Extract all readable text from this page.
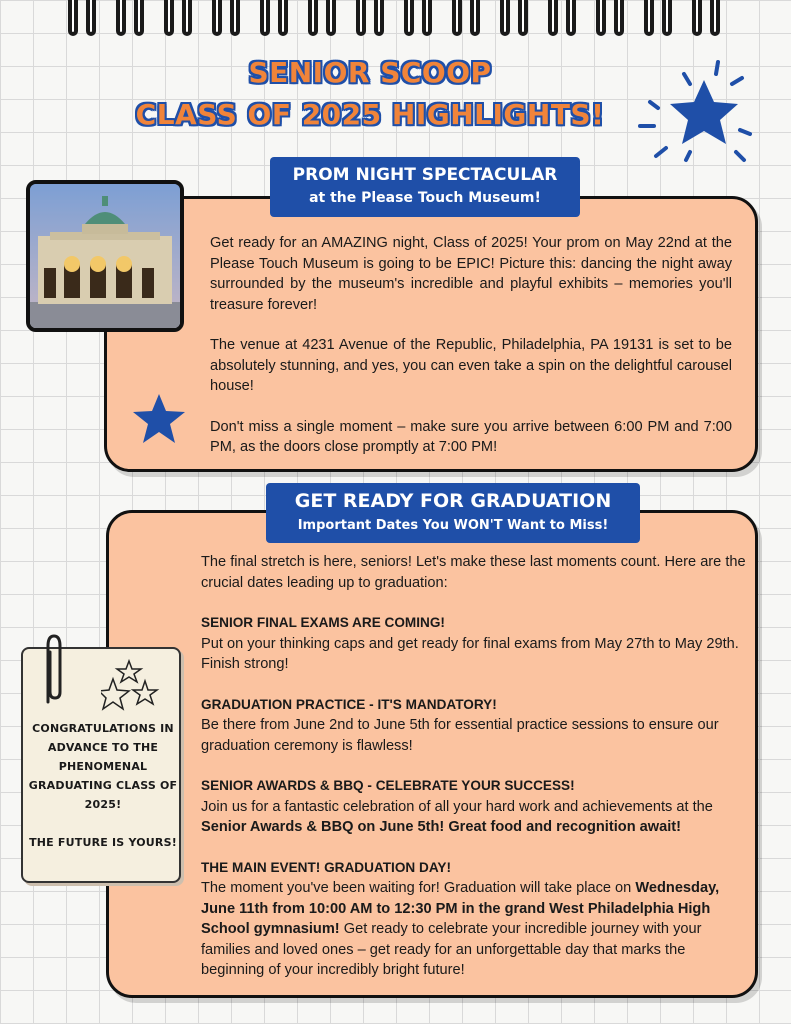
SENIOR SCOOP
CLASS OF 2025 HIGHLIGHTS!
PROM NIGHT SPECTACULAR
at the Please Touch Museum!

Get ready for an AMAZING night, Class of 2025! Your prom on May 22nd at the Please Touch Museum is going to be EPIC! Picture this: dancing the night away surrounded by the museum's incredible and playful exhibits – memories you'll treasure forever!

The venue at 4231 Avenue of the Republic, Philadelphia, PA 19131 is set to be absolutely stunning, and yes, you can even take a spin on the delightful carousel house!

Don't miss a single moment – make sure you arrive between 6:00 PM and 7:00 PM, as the doors close promptly at 7:00 PM!

GET READY FOR GRADUATION
Important Dates You WON'T Want to Miss!

The final stretch is here, seniors! Let's make these last moments count. Here are the crucial dates leading up to graduation:

SENIOR FINAL EXAMS ARE COMING!
Put on your thinking caps and get ready for final exams from May 27th to May 29th. Finish strong!
GRADUATION PRACTICE - IT'S MANDATORY!
Be there from June 2nd to June 5th for essential practice sessions to ensure our graduation ceremony is flawless!
SENIOR AWARDS & BBQ - CELEBRATE YOUR SUCCESS!
Join us for a fantastic celebration of all your hard work and achievements at the Senior Awards & BBQ on June 5th! Great food and recognition await!
THE MAIN EVENT! GRADUATION DAY!
The moment you've been waiting for! Graduation will take place on Wednesday, June 11th from 10:00 AM to 12:30 PM in the grand West Philadelphia High School gymnasium! Get ready to celebrate your incredible journey with your families and loved ones – get ready for an unforgettable day that marks the beginning of your incredibly bright future!
CONGRATULATIONS IN ADVANCE TO THE PHENOMENAL GRADUATING CLASS OF 2025!
THE FUTURE IS YOURS!
